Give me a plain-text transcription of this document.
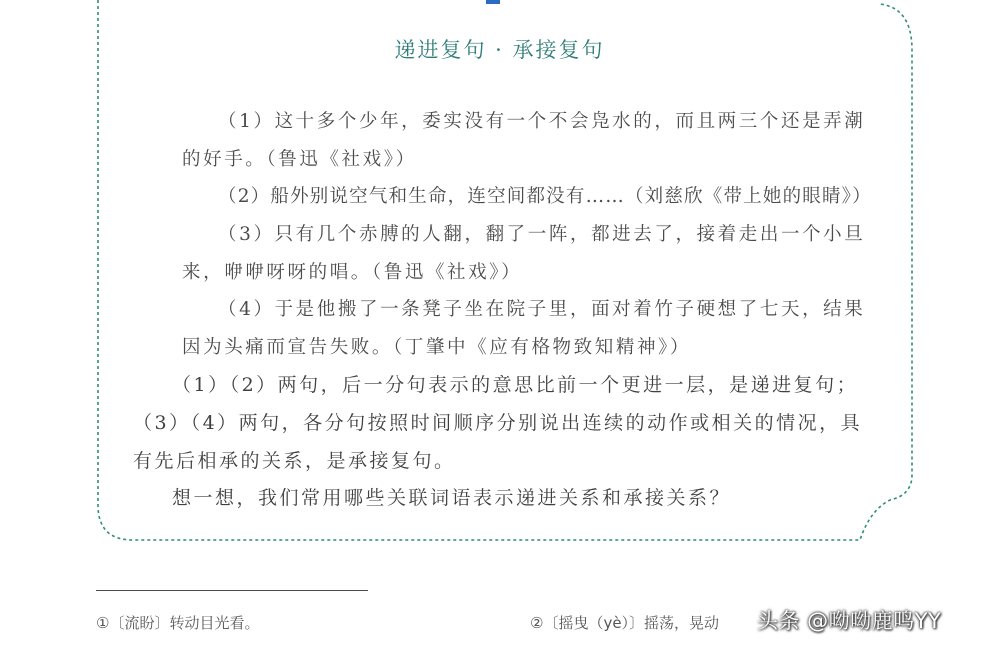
递进复句 · 承接复句
（1）这十多个少年，委实没有一个不会凫水的，而且两三个还是弄潮
的好手。（鲁迅《社戏》）
（2）船外别说空气和生命，连空间都没有……（刘慈欣《带上她的眼睛》）
（3）只有几个赤膊的人翻，翻了一阵，都进去了，接着走出一个小旦
来，咿咿呀呀的唱。（鲁迅《社戏》）
（4）于是他搬了一条凳子坐在院子里，面对着竹子硬想了七天，结果
因为头痛而宣告失败。（丁肇中《应有格物致知精神》）
（1）（2）两句，后一分句表示的意思比前一个更进一层，是递进复句；
（3）（4）两句，各分句按照时间顺序分别说出连续的动作或相关的情况，具
有先后相承的关系，是承接复句。
想一想，我们常用哪些关联词语表示递进关系和承接关系？
①〔流盼〕转动目光看。	②〔摇曳（yè）〕摇荡，晃动 头条 @呦呦鹿鸣YY
